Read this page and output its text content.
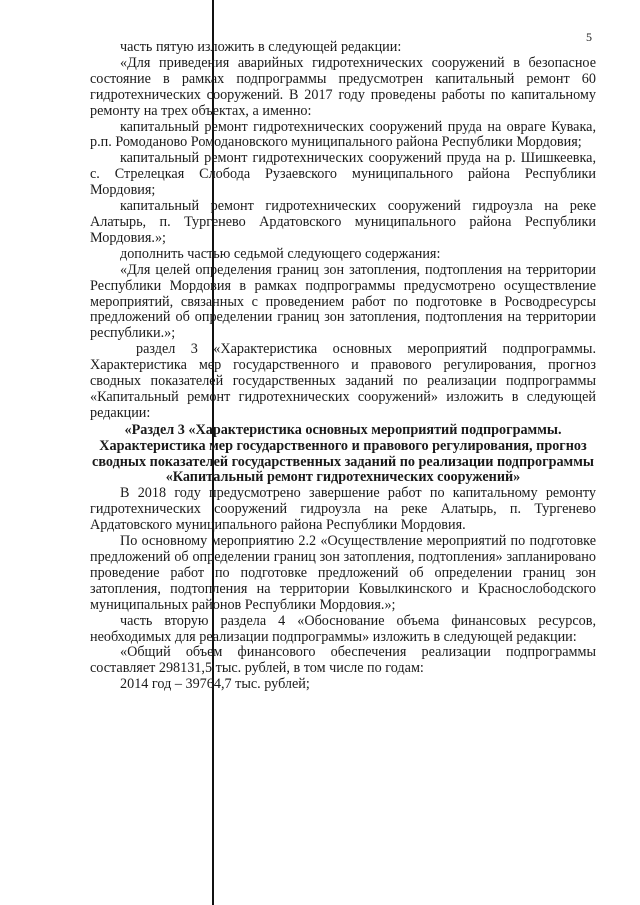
5

часть пятую изложить в следующей редакции:

«Для приведения аварийных гидротехнических сооружений в безопасное состояние в рамках подпрограммы предусмотрен капитальный ремонт 60 гидротехнических сооружений. В 2017 году проведены работы по капитальному ремонту на трех объектах, а именно:

капитальный ремонт гидротехнических сооружений пруда на овраге Кувака, р.п. Ромоданово Ромодановского муниципального района Республики Мордовия;

капитальный ремонт гидротехнических сооружений пруда на р. Шишкеевка, с. Стрелецкая Слобода Рузаевского муниципального района Республики Мордовия;

капитальный ремонт гидротехнических сооружений гидроузла на реке Алатырь, п. Тургенево Ардатовского муниципального района Республики Мордовия.»;

дополнить частью седьмой следующего содержания:

«Для целей определения границ зон затопления, подтопления на территории Республики Мордовия в рамках подпрограммы предусмотрено осуществление мероприятий, связанных с проведением работ по подготовке в Росводресурсы предложений об определении границ зон затопления, подтопления на территории республики.»;

раздел 3 «Характеристика основных мероприятий подпрограммы. Характеристика мер государственного и правового регулирования, прогноз сводных показателей государственных заданий по реализации подпрограммы «Капитальный ремонт гидротехнических сооружений» изложить в следующей редакции:

«Раздел 3 «Характеристика основных мероприятий подпрограммы. Характеристика мер государственного и правового регулирования, прогноз сводных показателей государственных заданий по реализации подпрограммы «Капитальный ремонт гидротехнических сооружений»

В 2018 году предусмотрено завершение работ по капитальному ремонту гидротехнических сооружений гидроузла на реке Алатырь, п. Тургенево Ардатовского муниципального района Республики Мордовия.

По основному мероприятию 2.2 «Осуществление мероприятий по подготовке предложений об определении границ зон затопления, подтопления» запланировано проведение работ по подготовке предложений об определении границ зон затопления, подтопления на территории Ковылкинского и Краснослободского муниципальных районов Республики Мордовия.»;

часть вторую раздела 4 «Обоснование объема финансовых ресурсов, необходимых для реализации подпрограммы» изложить в следующей редакции:

«Общий объем финансового обеспечения реализации подпрограммы составляет 298131,5 тыс. рублей, в том числе по годам:

2014 год – 39764,7 тыс. рублей;
